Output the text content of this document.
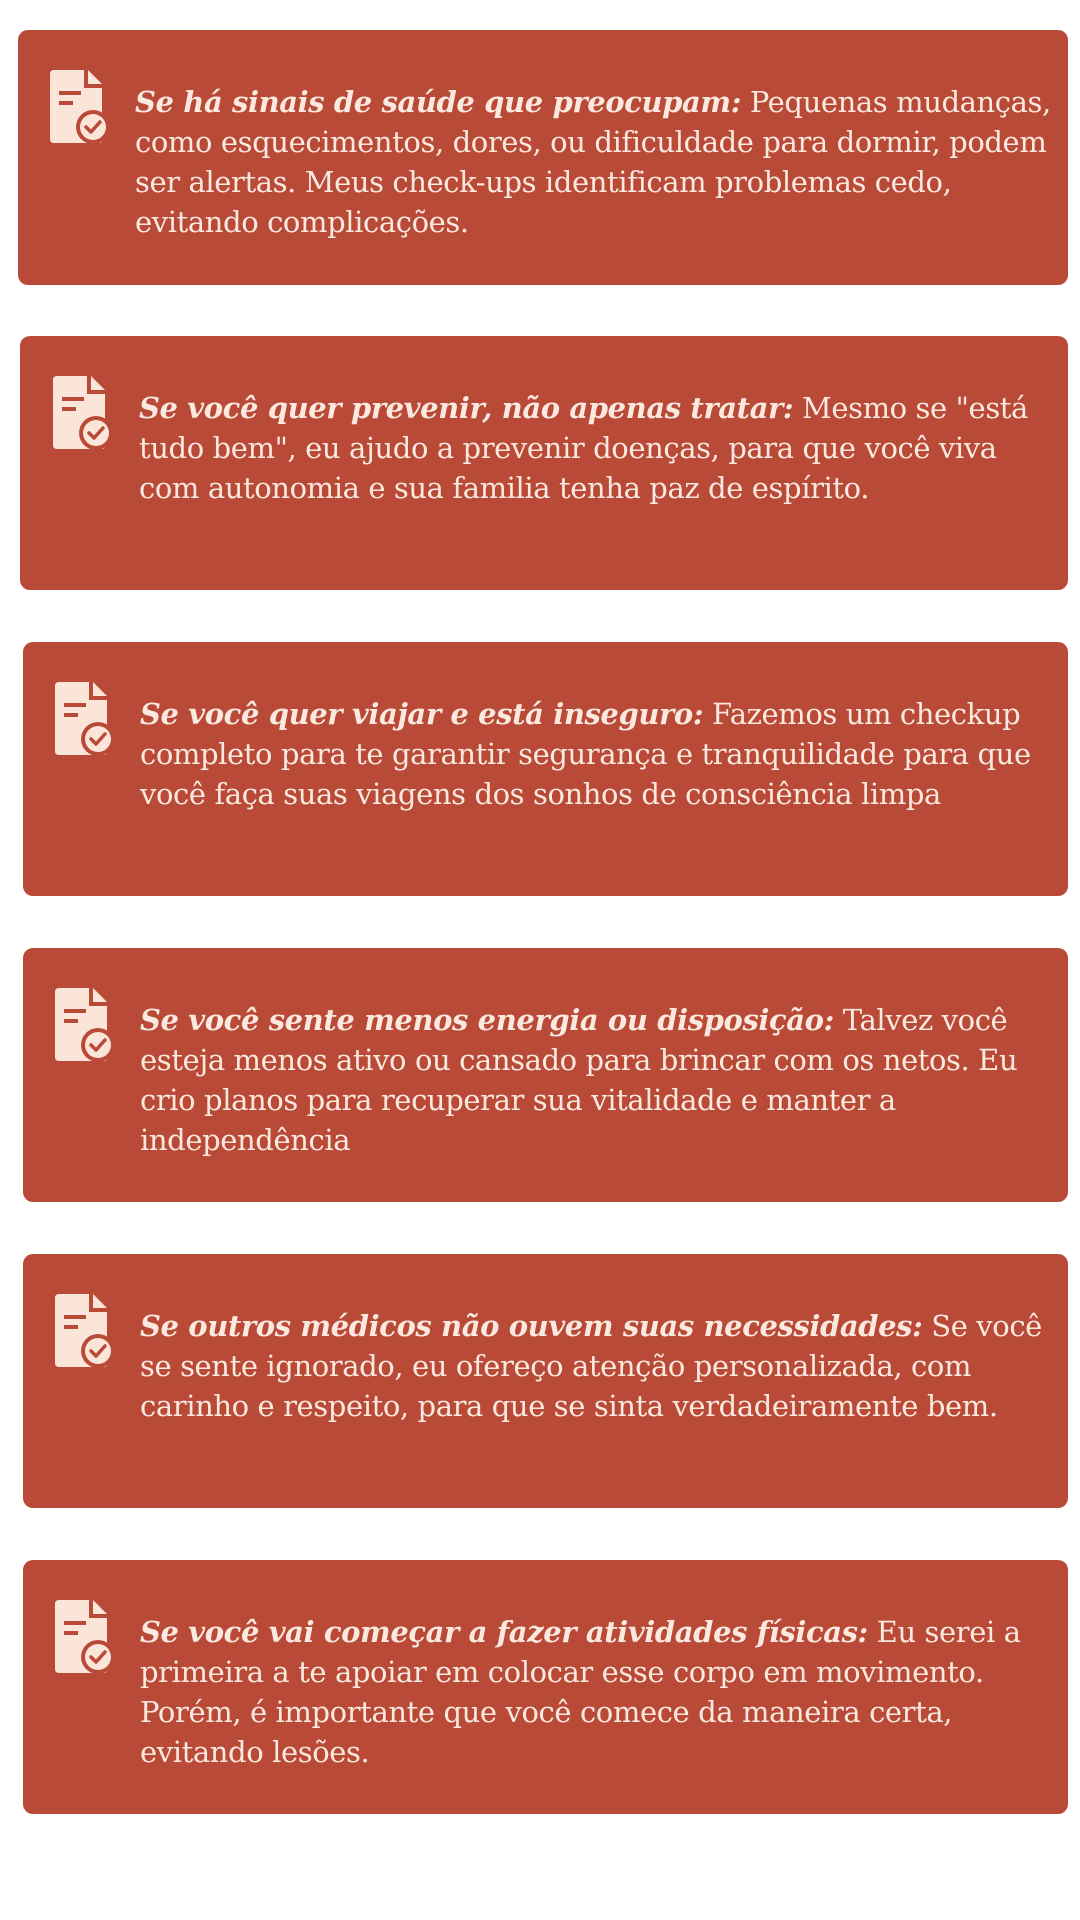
Se há sinais de saúde que preocupam: Pequenas mudanças, como esquecimentos, dores, ou dificuldade para dormir, podem ser alertas. Meus check-ups identificam problemas cedo, evitando complicações.
Se você quer prevenir, não apenas tratar: Mesmo se "está tudo bem", eu ajudo a prevenir doenças, para que você viva com autonomia e sua familia tenha paz de espírito.
Se você quer viajar e está inseguro: Fazemos um checkup completo para te garantir segurança e tranquilidade para que você faça suas viagens dos sonhos de consciência limpa
Se você sente menos energia ou disposição: Talvez você esteja menos ativo ou cansado para brincar com os netos. Eu crio planos para recuperar sua vitalidade e manter a independência
Se outros médicos não ouvem suas necessidades: Se você se sente ignorado, eu ofereço atenção personalizada, com carinho e respeito, para que se sinta verdadeiramente bem.
Se você vai começar a fazer atividades físicas: Eu serei a primeira a te apoiar em colocar esse corpo em movimento. Porém, é importante que você comece da maneira certa, evitando lesões.
